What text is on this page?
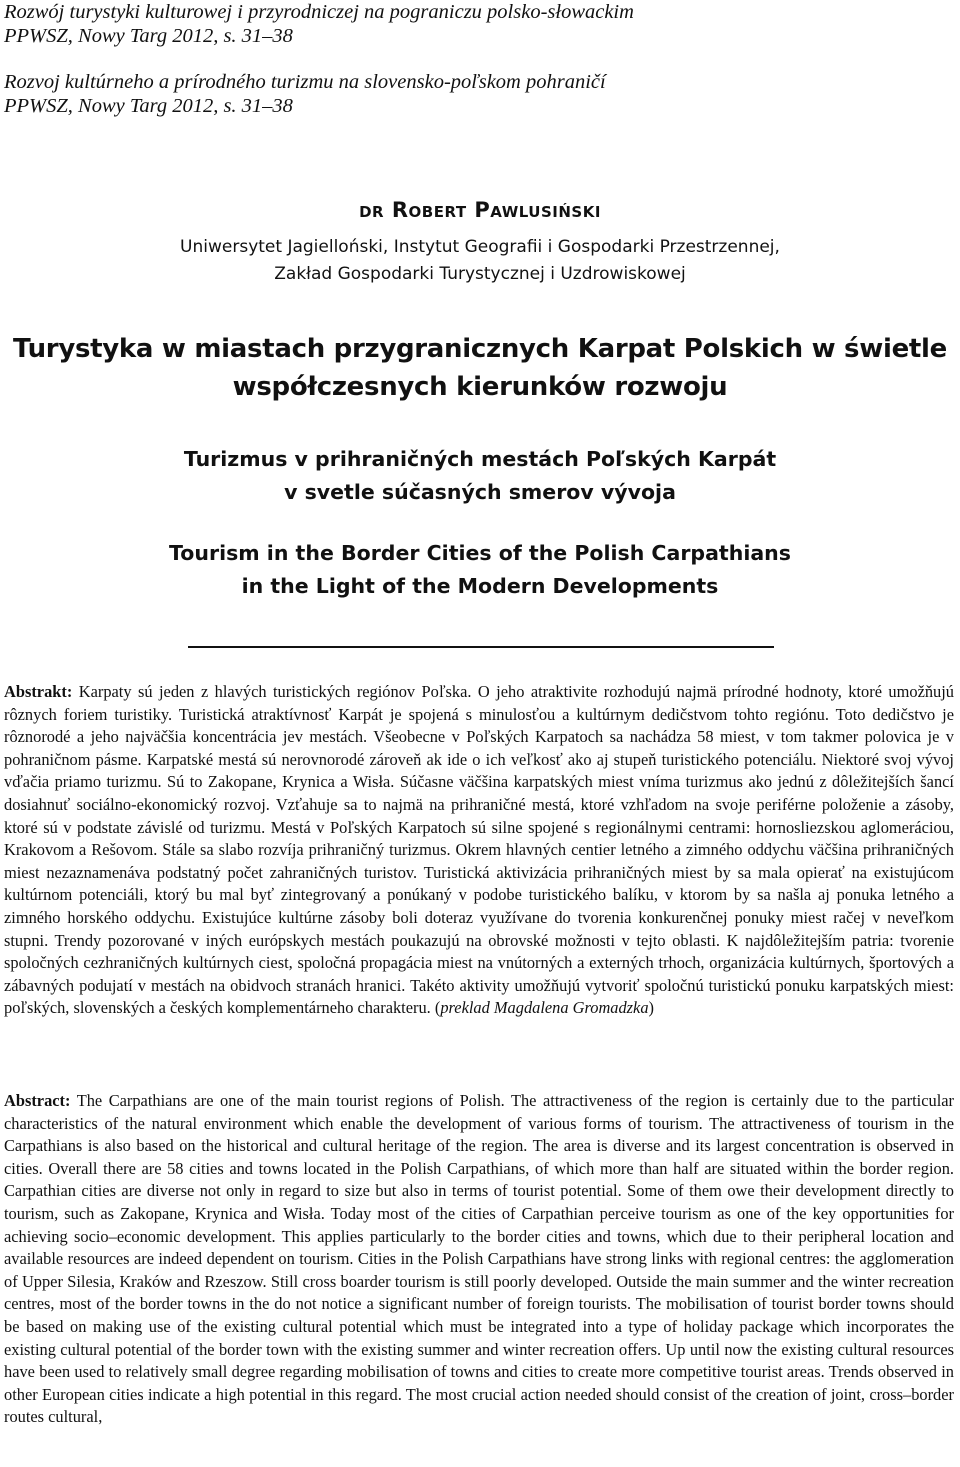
Rozwój turystyki kulturowej i przyrodniczej na pograniczu polsko-słowackim

PPWSZ, Nowy Targ 2012, s. 31–38

Rozvoj kultúrneho a prírodného turizmu na slovensko-poľskom pohraničí

PPWSZ, Nowy Targ 2012, s. 31–38

dr Robert Pawlusiński
Uniwersytet Jagielloński, Instytut Geografii i Gospodarki Przestrzennej,
Zakład Gospodarki Turystycznej i Uzdrowiskowej
Turystyka w miastach przygranicznych Karpat Polskich w świetle
współczesnych kierunków rozwoju
Turizmus v prihraničných mestách Poľských Karpát
v svetle súčasných smerov vývoja
Tourism in the Border Cities of the Polish Carpathians
in the Light of the Modern Developments

Abstrakt: Karpaty sú jeden z hlavých turistických regiónov Poľska. O jeho atraktivite rozhodujú najmä prírodné hodnoty, ktoré umožňujú rôznych foriem turistiky. Turistická atraktívnosť Karpát je spojená s minulosťou a kultúrnym dedičstvom tohto regiónu. Toto dedičstvo je rôznorodé a jeho najväčšia koncentrácia jev mestách. Všeobecne v Poľských Karpatoch sa nachádza 58 miest, v tom takmer polovica je v pohraničnom pásme. Karpatské mestá sú nerovnorodé zároveň ak ide o ich veľkosť ako aj stupeň turistického potenciálu. Niektoré svoj vývoj vďačia priamo turizmu. Sú to Zakopane, Krynica a Wisła. Súčasne väčšina karpatských miest vníma turizmus ako jednú z dôležitejších šancí dosiahnuť sociálno-ekonomický rozvoj. Vzťahuje sa to najmä na prihraničné mestá, ktoré vzhľadom na svoje periférne položenie a zásoby, ktoré sú v podstate závislé od turizmu. Mestá v Poľských Karpatoch sú silne spojené s regionálnymi centrami: hornosliezskou aglomeráciou, Krakovom a Rešovom. Stále sa slabo rozvíja prihraničný turizmus. Okrem hlavných centier letného a zimného oddychu väčšina prihraničných miest nezaznamenáva podstatný počet zahraničných turistov. Turistická aktivizácia prihraničných miest by sa mala opierať na existujúcom kultúrnom potenciáli, ktorý bu mal byť zintegrovaný a ponúkaný v podobe turistického balíku, v ktorom by sa našla aj ponuka letného a zimného horského oddychu. Existujúce kultúrne zásoby boli doteraz využívane do tvorenia konkurenčnej ponuky miest račej v neveľkom stupni. Trendy pozorované v iných európskych mestách poukazujú na obrovské možnosti v tejto oblasti. K najdôležitejším patria: tvorenie spoločných cezhraničných kultúrnych ciest, spoločná propagácia miest na vnútorných a externých trhoch, organizácia kultúrnych, športových a zábavných podujatí v mestách na obidvoch stranách hranici. Takéto aktivity umožňujú vytvoriť spoločnú turistickú ponuku karpatských miest: poľských, slovenských a českých komplementárneho charakteru. (preklad Magdalena Gromadzka)

Abstract: The Carpathians are one of the main tourist regions of Polish. The attractiveness of the region is certainly due to the particular characteristics of the natural environment which enable the development of various forms of tourism. The attractiveness of tourism in the Carpathians is also based on the historical and cultural heritage of the region. The area is diverse and its largest concentration is observed in cities. Overall there are 58 cities and towns located in the Polish Carpathians, of which more than half are situated within the border region. Carpathian cities are diverse not only in regard to size but also in terms of tourist potential. Some of them owe their development directly to tourism, such as Zakopane, Krynica and Wisła. Today most of the cities of Carpathian perceive tourism as one of the key opportunities for achieving socio–economic development. This applies particularly to the border cities and towns, which due to their peripheral location and available resources are indeed dependent on tourism. Cities in the Polish Carpathians have strong links with regional centres: the agglomeration of Upper Silesia, Kraków and Rzeszow. Still cross boarder tourism is still poorly developed. Outside the main summer and the winter recreation centres, most of the border towns in the do not notice a significant number of foreign tourists. The mobilisation of tourist border towns should be based on making use of the existing cultural potential which must be integrated into a type of holiday package which incorporates the existing cultural potential of the border town with the existing summer and winter recreation offers. Up until now the existing cultural resources have been used to relatively small degree regarding mobilisation of towns and cities to create more competitive tourist areas. Trends observed in other European cities indicate a high potential in this regard. The most crucial action needed should consist of the creation of joint, cross–border routes cultural,
